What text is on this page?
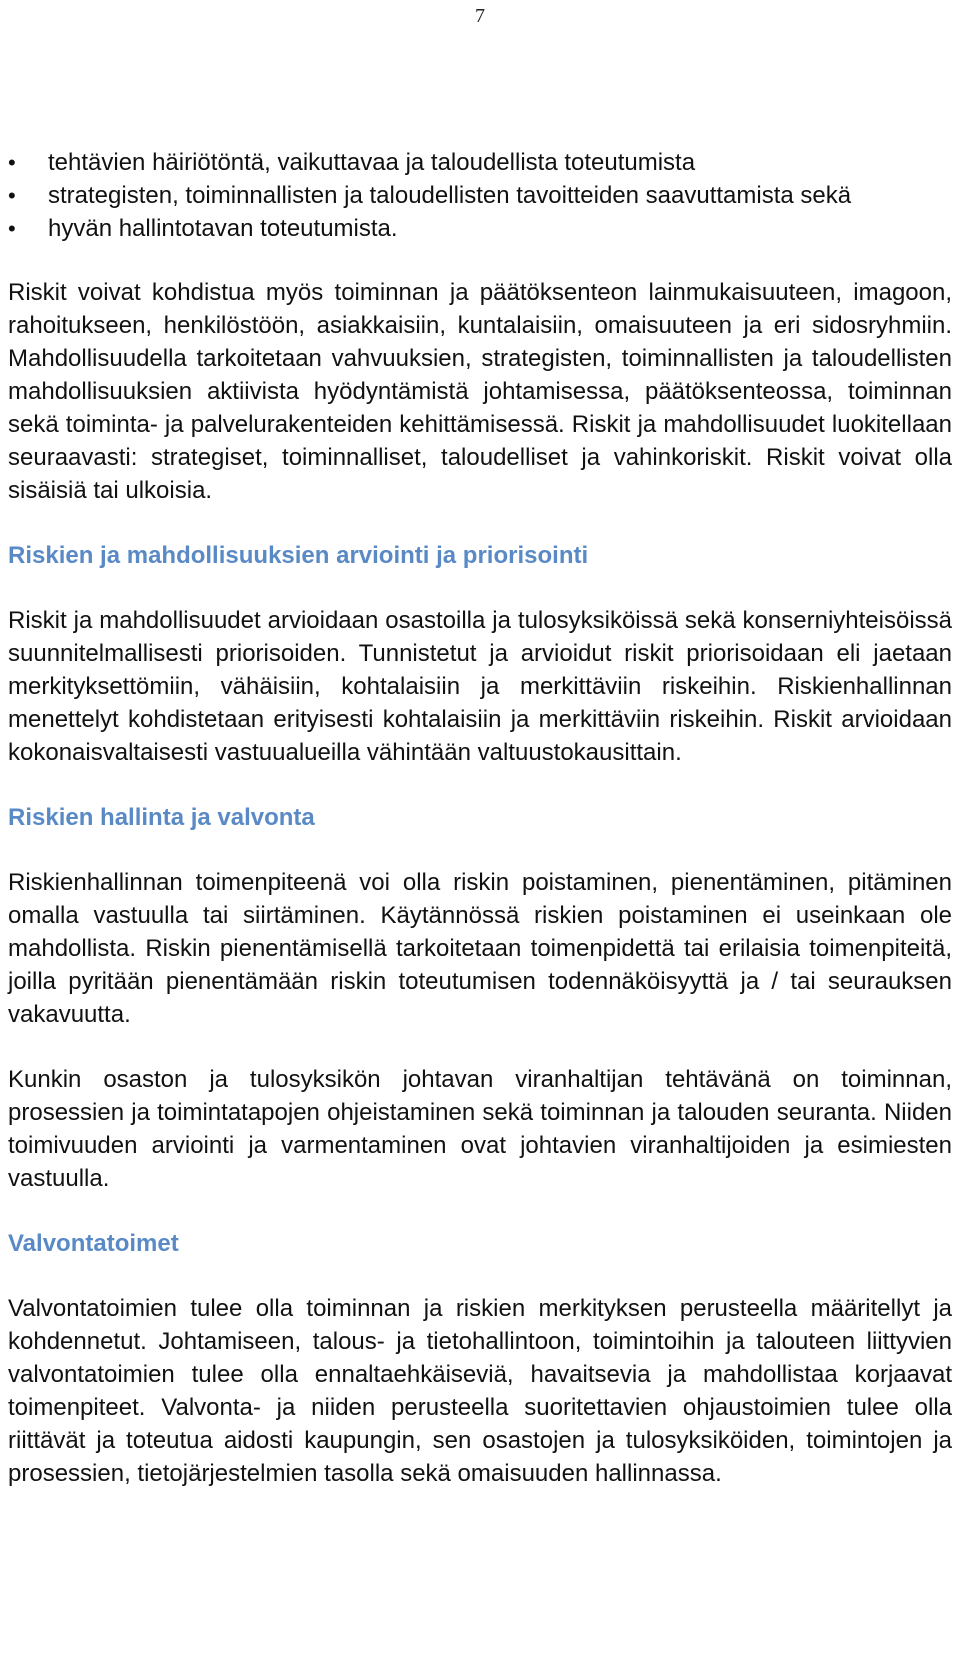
7
•	tehtävien häiriötöntä, vaikuttavaa ja taloudellista toteutumista
•	strategisten, toiminnallisten ja taloudellisten tavoitteiden saavuttamista sekä
•	hyvän hallintotavan toteutumista.

Riskit voivat kohdistua myös toiminnan ja päätöksenteon lainmukaisuuteen, imagoon, rahoitukseen, henkilöstöön, asiakkaisiin, kuntalaisiin, omaisuuteen ja eri sidosryhmiin. Mahdollisuudella tarkoitetaan vahvuuksien, strategisten, toiminnallisten ja taloudellisten mahdollisuuksien aktiivista hyödyntämistä johtamisessa, päätöksenteossa, toiminnan sekä toiminta- ja palvelurakenteiden kehittämisessä. Riskit ja mahdollisuudet luokitellaan seuraavasti: strategiset, toiminnalliset, taloudelliset ja vahinkoriskit. Riskit voivat olla sisäisiä tai ulkoisia.

Riskien ja mahdollisuuksien arviointi ja priorisointi

Riskit ja mahdollisuudet arvioidaan osastoilla ja tulosyksiköissä sekä konserniyhteisöissä suunnitelmallisesti priorisoiden. Tunnistetut ja arvioidut riskit priorisoidaan eli jaetaan merkityksettömiin, vähäisiin, kohtalaisiin ja merkittäviin riskeihin. Riskienhallinnan menettelyt kohdistetaan erityisesti kohtalaisiin ja merkittäviin riskeihin. Riskit arvioidaan kokonaisvaltaisesti vastuualueilla vähintään valtuustokausittain.

Riskien hallinta ja valvonta

Riskienhallinnan toimenpiteenä voi olla riskin poistaminen, pienentäminen, pitäminen omalla vastuulla tai siirtäminen. Käytännössä riskien poistaminen ei useinkaan ole mahdollista. Riskin pienentämisellä tarkoitetaan toimenpidettä tai erilaisia toimenpiteitä, joilla pyritään pienentämään riskin toteutumisen todennäköisyyttä ja / tai seurauksen vakavuutta.

Kunkin osaston ja tulosyksikön johtavan viranhaltijan tehtävänä on toiminnan, prosessien ja toimintatapojen ohjeistaminen sekä toiminnan ja talouden seuranta. Niiden toimivuuden arviointi ja varmentaminen ovat johtavien viranhaltijoiden ja esimiesten vastuulla.

Valvontatoimet

Valvontatoimien tulee olla toiminnan ja riskien merkityksen perusteella määritellyt ja kohdennetut. Johtamiseen, talous- ja tietohallintoon, toimintoihin ja talouteen liittyvien valvontatoimien tulee olla ennaltaehkäiseviä, havaitsevia ja mahdollistaa korjaavat toimenpiteet. Valvonta- ja niiden perusteella suoritettavien ohjaustoimien tulee olla riittävät ja toteutua aidosti kaupungin, sen osastojen ja tulosyksiköiden, toimintojen ja prosessien, tietojärjestelmien tasolla sekä omaisuuden hallinnassa.
